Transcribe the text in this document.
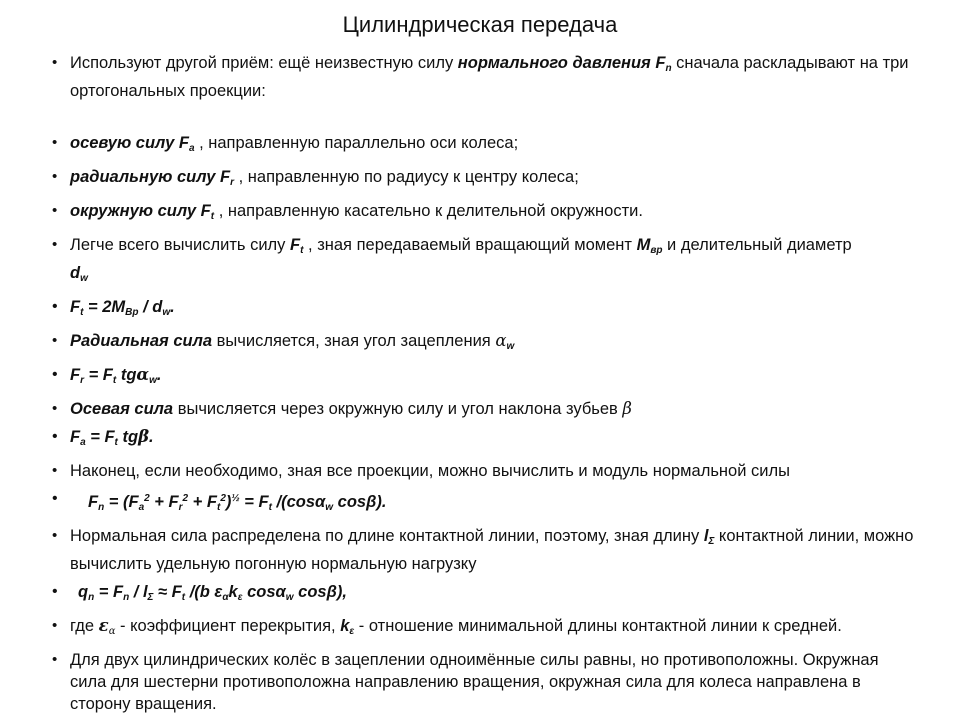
Цилиндрическая передача
• Используют другой приём: ещё неизвестную силу нормального давления $F_n$ сначала раскладывают на три ортогональных проекции:
• осевую силу $F_a$ , направленную параллельно оси колеса;
• радиальную силу $F_r$ , направленную по радиусу к центру колеса;
• окружную силу $F_t$ , направленную касательно к делительной окружности.
• Легче всего вычислить силу $F_t$ , зная передаваемый вращающий момент $М_{вр}$ и делительный диаметр
$d_w$
• $F_t = 2M_{Вр} / d_w$.
• Радиальная сила вычисляется, зная угол зацепления $\alpha_w$
• $F_r = F_t$ tgα$_w$.
• Осевая сила вычисляется через окружную силу и угол наклона зубьев β
• $F_a = F_t$ tgβ.
• Наконец, если необходимо, зная все проекции, можно вычислить и модуль нормальной силы
• $F_n = (F_a^2 + F_r^2 + F_t^2)^{\frac{1}{2}} = F_t$ /(cosα$_w$ cosβ).
• Нормальная сила распределена по длине контактной линии, поэтому, зная длину $l_\Sigma$ контактной линии, можно вычислить удельную погонную нормальную нагрузку
• $q_n = F_n / l_\Sigma \approx F_t$ /(b $\varepsilon_\alpha k_\varepsilon$ cosα$_w$ cosβ),
• где $\varepsilon_\alpha$ - коэффициент перекрытия, $k_\varepsilon$ - отношение минимальной длины контактной линии к средней.
• Для двух цилиндрических колёс в зацеплении одноимённые силы равны, но противоположны. Окружная сила для шестерни противоположна направлению вращения, окружная сила для колеса направлена в сторону вращения.
